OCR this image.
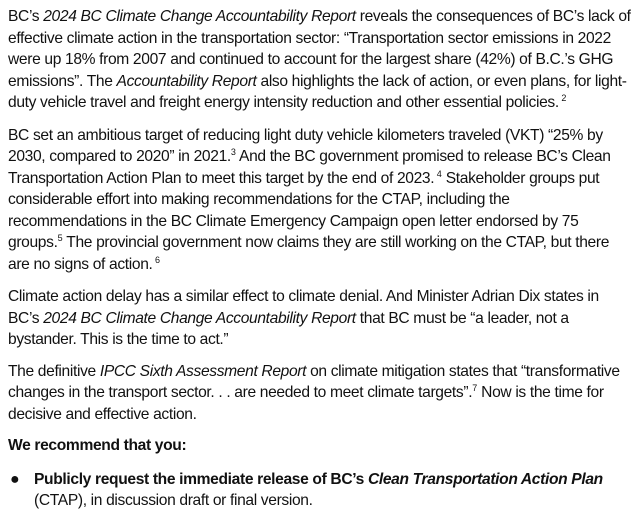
BC’s 2024 BC Climate Change Accountability Report reveals the consequences of BC’s lack of effective climate action in the transportation sector: “Transportation sector emissions in 2022 were up 18% from 2007 and continued to account for the largest share (42%) of B.C.’s GHG emissions”. The Accountability Report also highlights the lack of action, or even plans, for light-duty vehicle travel and freight energy intensity reduction and other essential policies. $^2$

BC set an ambitious target of reducing light duty vehicle kilometers traveled (VKT) “25% by 2030, compared to 2020” in 2021.$^3$ And the BC government promised to release BC’s Clean Transportation Action Plan to meet this target by the end of 2023. $^4$ Stakeholder groups put considerable effort into making recommendations for the CTAP, including the recommendations in the BC Climate Emergency Campaign open letter endorsed by 75 groups.$^5$ The provincial government now claims they are still working on the CTAP, but there are no signs of action. $^6$

Climate action delay has a similar effect to climate denial. And Minister Adrian Dix states in BC’s 2024 BC Climate Change Accountability Report that BC must be “a leader, not a bystander. This is the time to act.”

The definitive IPCC Sixth Assessment Report on climate mitigation states that “transformative changes in the transport sector. . . are needed to meet climate targets”.$^7$ Now is the time for decisive and effective action.

We recommend that you:
● Publicly request the immediate release of BC’s Clean Transportation Action Plan (CTAP), in discussion draft or final version.
